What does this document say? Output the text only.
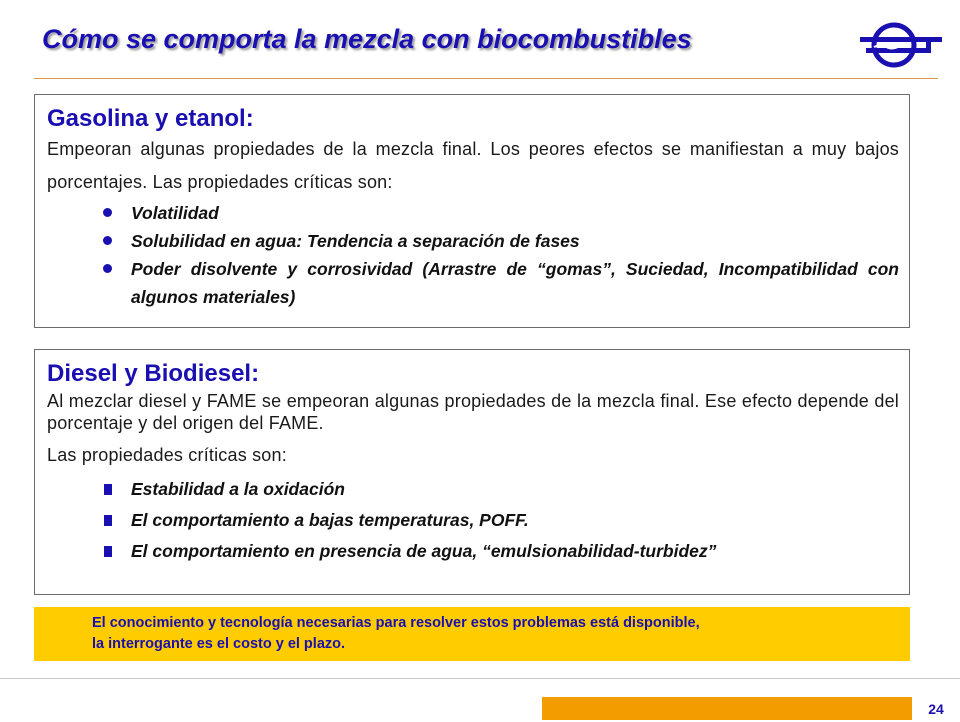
Cómo se comporta la mezcla con biocombustibles
Gasolina y etanol:

Empeoran algunas propiedades de la mezcla final. Los peores efectos se manifiestan a muy bajos porcentajes. Las propiedades críticas son:

Volatilidad
Solubilidad en agua: Tendencia a separación de fases
Poder disolvente y corrosividad (Arrastre de “gomas”, Suciedad, Incompatibilidad con algunos materiales)
Diesel y Biodiesel:

Al mezclar diesel y FAME se empeoran algunas propiedades de la mezcla final. Ese efecto depende del porcentaje y del origen del FAME.

Las propiedades críticas son:

Estabilidad a la oxidación
El comportamiento a bajas temperaturas, POFF.
El comportamiento en presencia de agua, “emulsionabilidad-turbidez”
El conocimiento y tecnología necesarias para resolver estos problemas está disponible,
la interrogante es el costo y el plazo.
24
